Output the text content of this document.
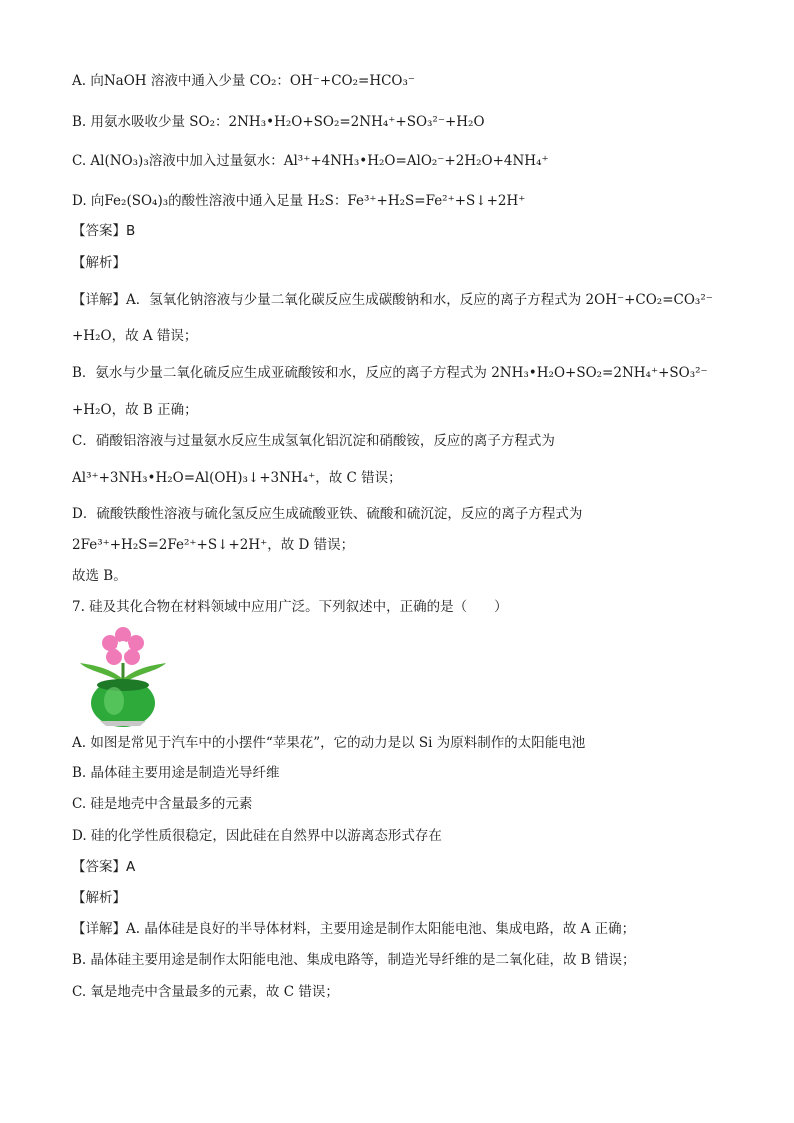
A. 向NaOH 溶液中通入少量 CO₂：OH⁻+CO₂=HCO₃⁻
B. 用氨水吸收少量 SO₂：2NH₃•H₂O+SO₂=2NH₄⁺+SO₃²⁻+H₂O
C. Al(NO₃)₃溶液中加入过量氨水：Al³⁺+4NH₃•H₂O=AlO₂⁻+2H₂O+4NH₄⁺
D. 向Fe₂(SO₄)₃的酸性溶液中通入足量 H₂S：Fe³⁺+H₂S=Fe²⁺+S↓+2H⁺
【答案】B
【解析】
【详解】A．氢氧化钠溶液与少量二氧化碳反应生成碳酸钠和水，反应的离子方程式为 2OH⁻+CO₂=CO₃²⁻
+H₂O，故 A 错误；
B．氨水与少量二氧化硫反应生成亚硫酸铵和水，反应的离子方程式为 2NH₃•H₂O+SO₂=2NH₄⁺+SO₃²⁻
+H₂O，故 B 正确；
C．硝酸铝溶液与过量氨水反应生成氢氧化铝沉淀和硝酸铵，反应的离子方程式为
Al³⁺+3NH₃•H₂O=Al(OH)₃↓+3NH₄⁺，故 C 错误；
D．硫酸铁酸性溶液与硫化氢反应生成硫酸亚铁、硫酸和硫沉淀，反应的离子方程式为
2Fe³⁺+H₂S=2Fe²⁺+S↓+2H⁺，故 D 错误；
故选 B。
7. 硅及其化合物在材料领域中应用广泛。下列叙述中，正确的是（　　）
A. 如图是常见于汽车中的小摆件“苹果花”，它的动力是以 Si 为原料制作的太阳能电池
B. 晶体硅主要用途是制造光导纤维
C. 硅是地壳中含量最多的元素
D. 硅的化学性质很稳定，因此硅在自然界中以游离态形式存在
【答案】A
【解析】
【详解】A. 晶体硅是良好的半导体材料，主要用途是制作太阳能电池、集成电路，故 A 正确；
B. 晶体硅主要用途是制作太阳能电池、集成电路等，制造光导纤维的是二氧化硅，故 B 错误；
C. 氧是地壳中含量最多的元素，故 C 错误；
